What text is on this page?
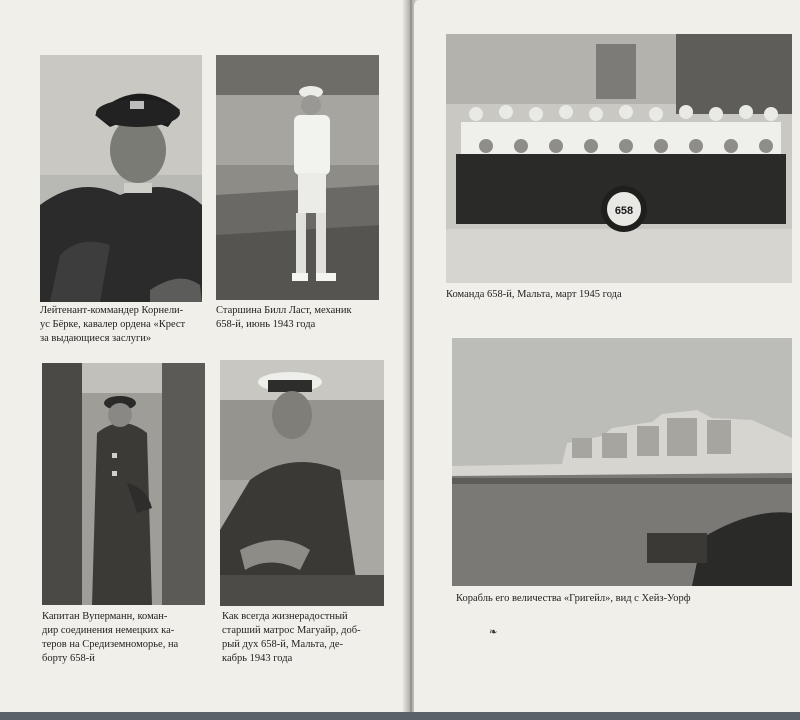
Лейтенант-коммандер Корнели-
ус Бёрке, кавалер ордена «Крест
за выдающиеся заслуги»
Старшина Билл Ласт, механик
658-й, июнь 1943 года
Капитан Вуперманн, коман-
дир соединения немецких ка-
теров на Средиземноморье, на
борту 658-й
Как всегда жизнерадостный
старший матрос Магуайр, доб-
рый дух 658-й, Мальта, де-
кабрь 1943 года
658
Команда 658-й, Мальта, март 1945 года
Корабль его величества «Григейл», вид с Хейз-Уорф
❧
